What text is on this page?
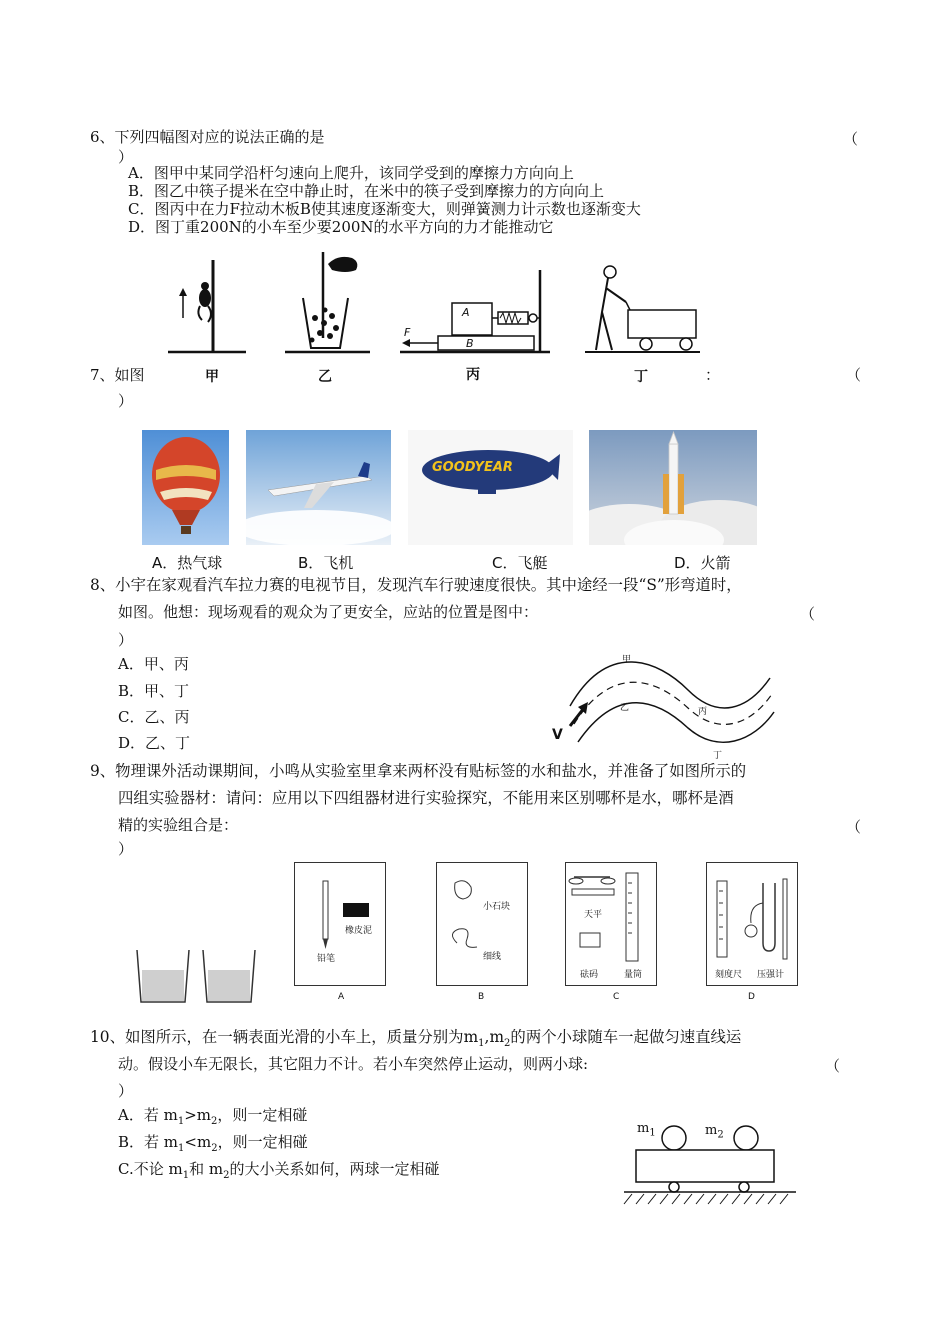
6、下列四幅图对应的说法正确的是	（
）
A．图甲中某同学沿杆匀速向上爬升，该同学受到的摩擦力方向向上
B．图乙中筷子提米在空中静止时，在米中的筷子受到摩擦力的方向向上
C．图丙中在力F拉动木板B使其速度逐渐变大，则弹簧测力计示数也逐渐变大
D．图丁重200N的小车至少要200N的水平方向的力才能推动它
A
B
F
7、如图	甲	乙	丙	丁	：	（
）
GOODYEAR
A．热气球	B．飞机	C．飞艇	D．火箭
8、小宇在家观看汽车拉力赛的电视节目，发现汽车行驶速度很快。其中途经一段“S”形弯道时，
如图。他想：现场观看的观众为了更安全，应站的位置是图中：	（
）
A．甲、丙
B．甲、丁
C．乙、丙
D．乙、丁
甲
乙	丙
丁
V
9、物理课外活动课期间，小鸣从实验室里拿来两杯没有贴标签的水和盐水，并准备了如图所示的
四组实验器材：请问：应用以下四组器材进行实验探究，不能用来区别哪杯是水，哪杯是酒
精的实验组合是：	（
）
铅笔
橡皮泥
A
小石块
细线
B
天平
砝码	量筒
C
刻度尺 压强计
D
10、如图所示，在一辆表面光滑的小车上，质量分别为$m_1,m_2$的两个小球随车一起做匀速直线运
动。假设小车无限长，其它阻力不计。若小车突然停止运动，则两小球:	（
）
A．若 $m_1>m_2$，则一定相碰
B．若 $m_1<m_2$，则一定相碰
C.不论 $m_1$和 $m_2$的大小关系如何，两球一定相碰
$m_1$	$m_2$
